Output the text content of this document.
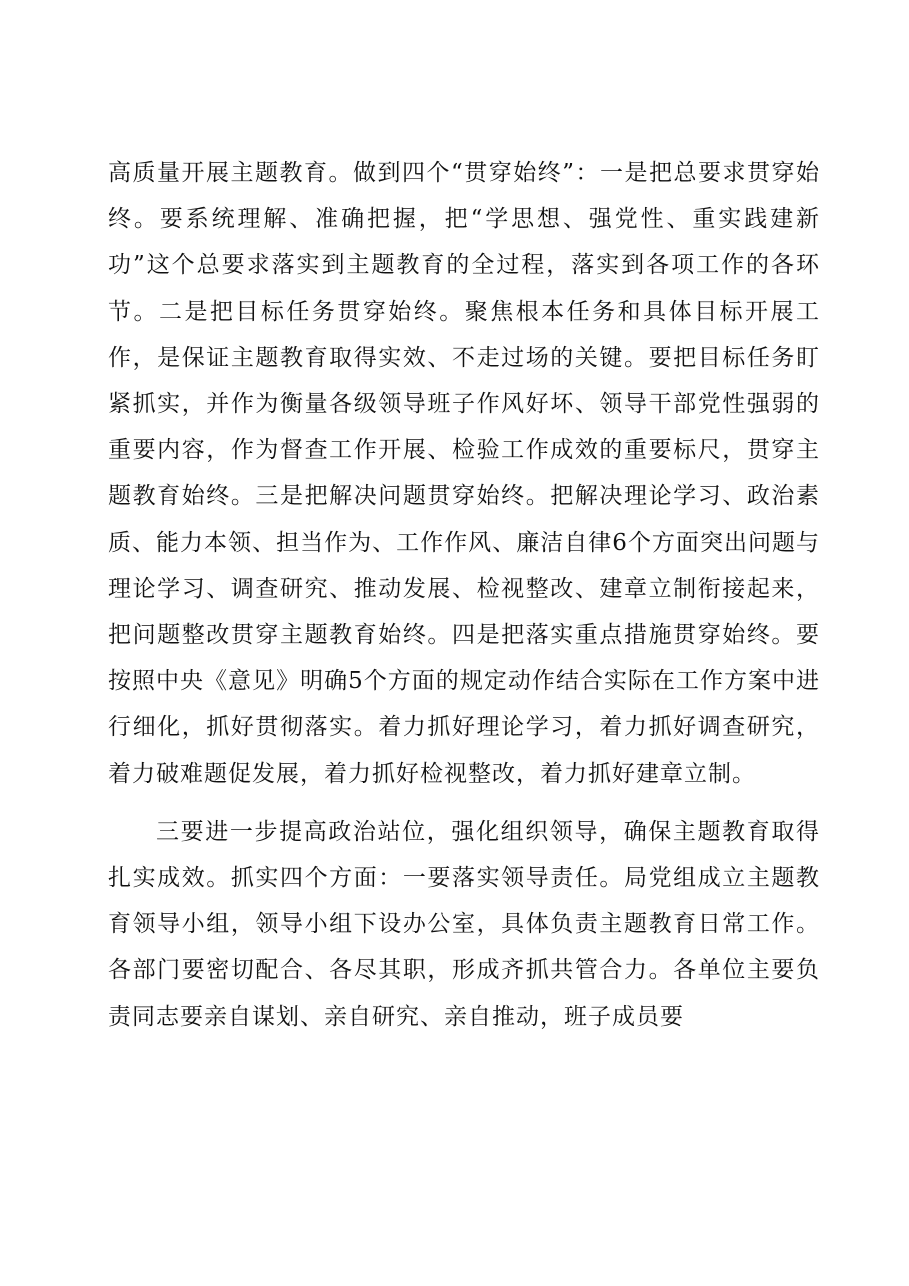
高质量开展主题教育。做到四个“贯穿始终”：一是把总要求贯穿始终。要系统理解、准确把握，把“学思想、强党性、重实践建新功”这个总要求落实到主题教育的全过程，落实到各项工作的各环节。二是把目标任务贯穿始终。聚焦根本任务和具体目标开展工作，是保证主题教育取得实效、不走过场的关键。要把目标任务盯紧抓实，并作为衡量各级领导班子作风好坏、领导干部党性强弱的重要内容，作为督查工作开展、检验工作成效的重要标尺，贯穿主题教育始终。三是把解决问题贯穿始终。把解决理论学习、政治素质、能力本领、担当作为、工作作风、廉洁自律6个方面突出问题与理论学习、调查研究、推动发展、检视整改、建章立制衔接起来，把问题整改贯穿主题教育始终。四是把落实重点措施贯穿始终。要按照中央《意见》明确5个方面的规定动作结合实际在工作方案中进行细化，抓好贯彻落实。着力抓好理论学习，着力抓好调查研究，着力破难题促发展，着力抓好检视整改，着力抓好建章立制。

三要进一步提高政治站位，强化组织领导，确保主题教育取得扎实成效。抓实四个方面：一要落实领导责任。局党组成立主题教育领导小组，领导小组下设办公室，具体负责主题教育日常工作。各部门要密切配合、各尽其职，形成齐抓共管合力。各单位主要负责同志要亲自谋划、亲自研究、亲自推动，班子成员要
